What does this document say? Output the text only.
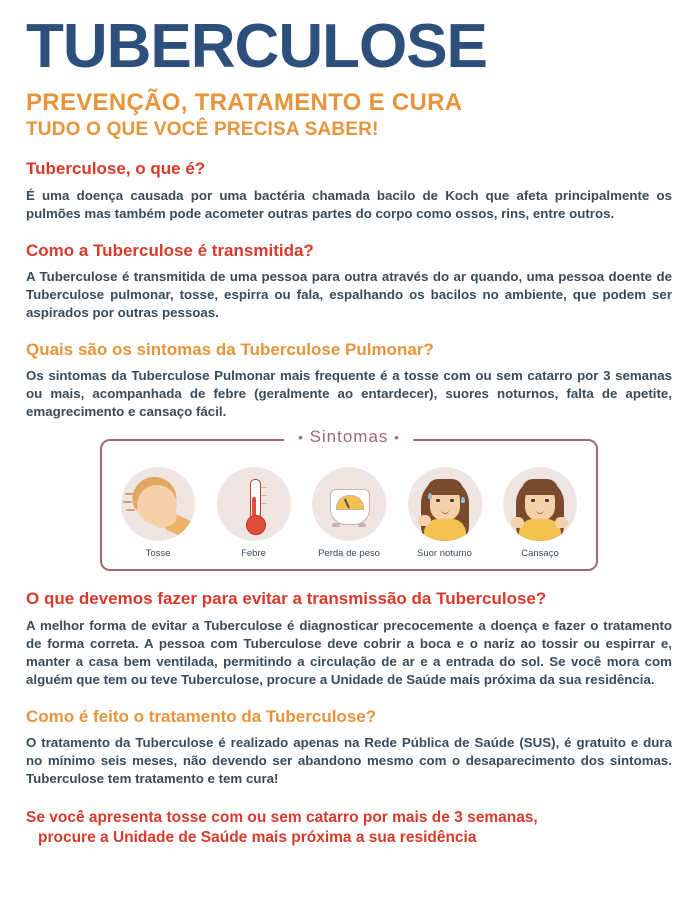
TUBERCULOSE
PREVENÇÃO, TRATAMENTO E CURA
TUDO O QUE VOCÊ PRECISA SABER!
Tuberculose, o que é?
É uma doença causada por uma bactéria chamada bacilo de Koch que afeta principalmente os pulmões mas também pode acometer outras partes do corpo como ossos, rins, entre outros.
Como a Tuberculose é transmitida?
A Tuberculose é transmitida de uma pessoa para outra através do ar quando, uma pessoa doente de Tuberculose pulmonar, tosse, espirra ou fala, espalhando os bacilos no ambiente, que podem ser aspirados por outras pessoas.
Quais são os sintomas da Tuberculose Pulmonar?
Os sintomas da Tuberculose Pulmonar mais frequente é a tosse com ou sem catarro por 3 semanas ou mais, acompanhada de febre (geralmente ao entardecer), suores noturnos, falta de apetite, emagrecimento e cansaço fácil.
• Sintomas •
Tosse	Febre	Perda de peso	Suor noturno	Cansaço
O que devemos fazer para evitar a transmissão da Tuberculose?
A melhor forma de evitar a Tuberculose é diagnosticar precocemente a doença e fazer o tratamento de forma correta. A pessoa com Tuberculose deve cobrir a boca e o nariz ao tossir ou espirrar e, manter a casa bem ventilada, permitindo a circulação de ar e a entrada do sol. Se você mora com alguém que tem ou teve Tuberculose, procure a Unidade de Saúde mais próxima da sua residência.
Como é feito o tratamento da Tuberculose?
O tratamento da Tuberculose é realizado apenas na Rede Pública de Saúde (SUS), é gratuito e dura no mínimo seis meses, não devendo ser abandono mesmo com o desaparecimento dos sintomas. Tuberculose tem tratamento e tem cura!
Se você apresenta tosse com ou sem catarro por mais de 3 semanas,
procure a Unidade de Saúde mais próxima a sua residência
